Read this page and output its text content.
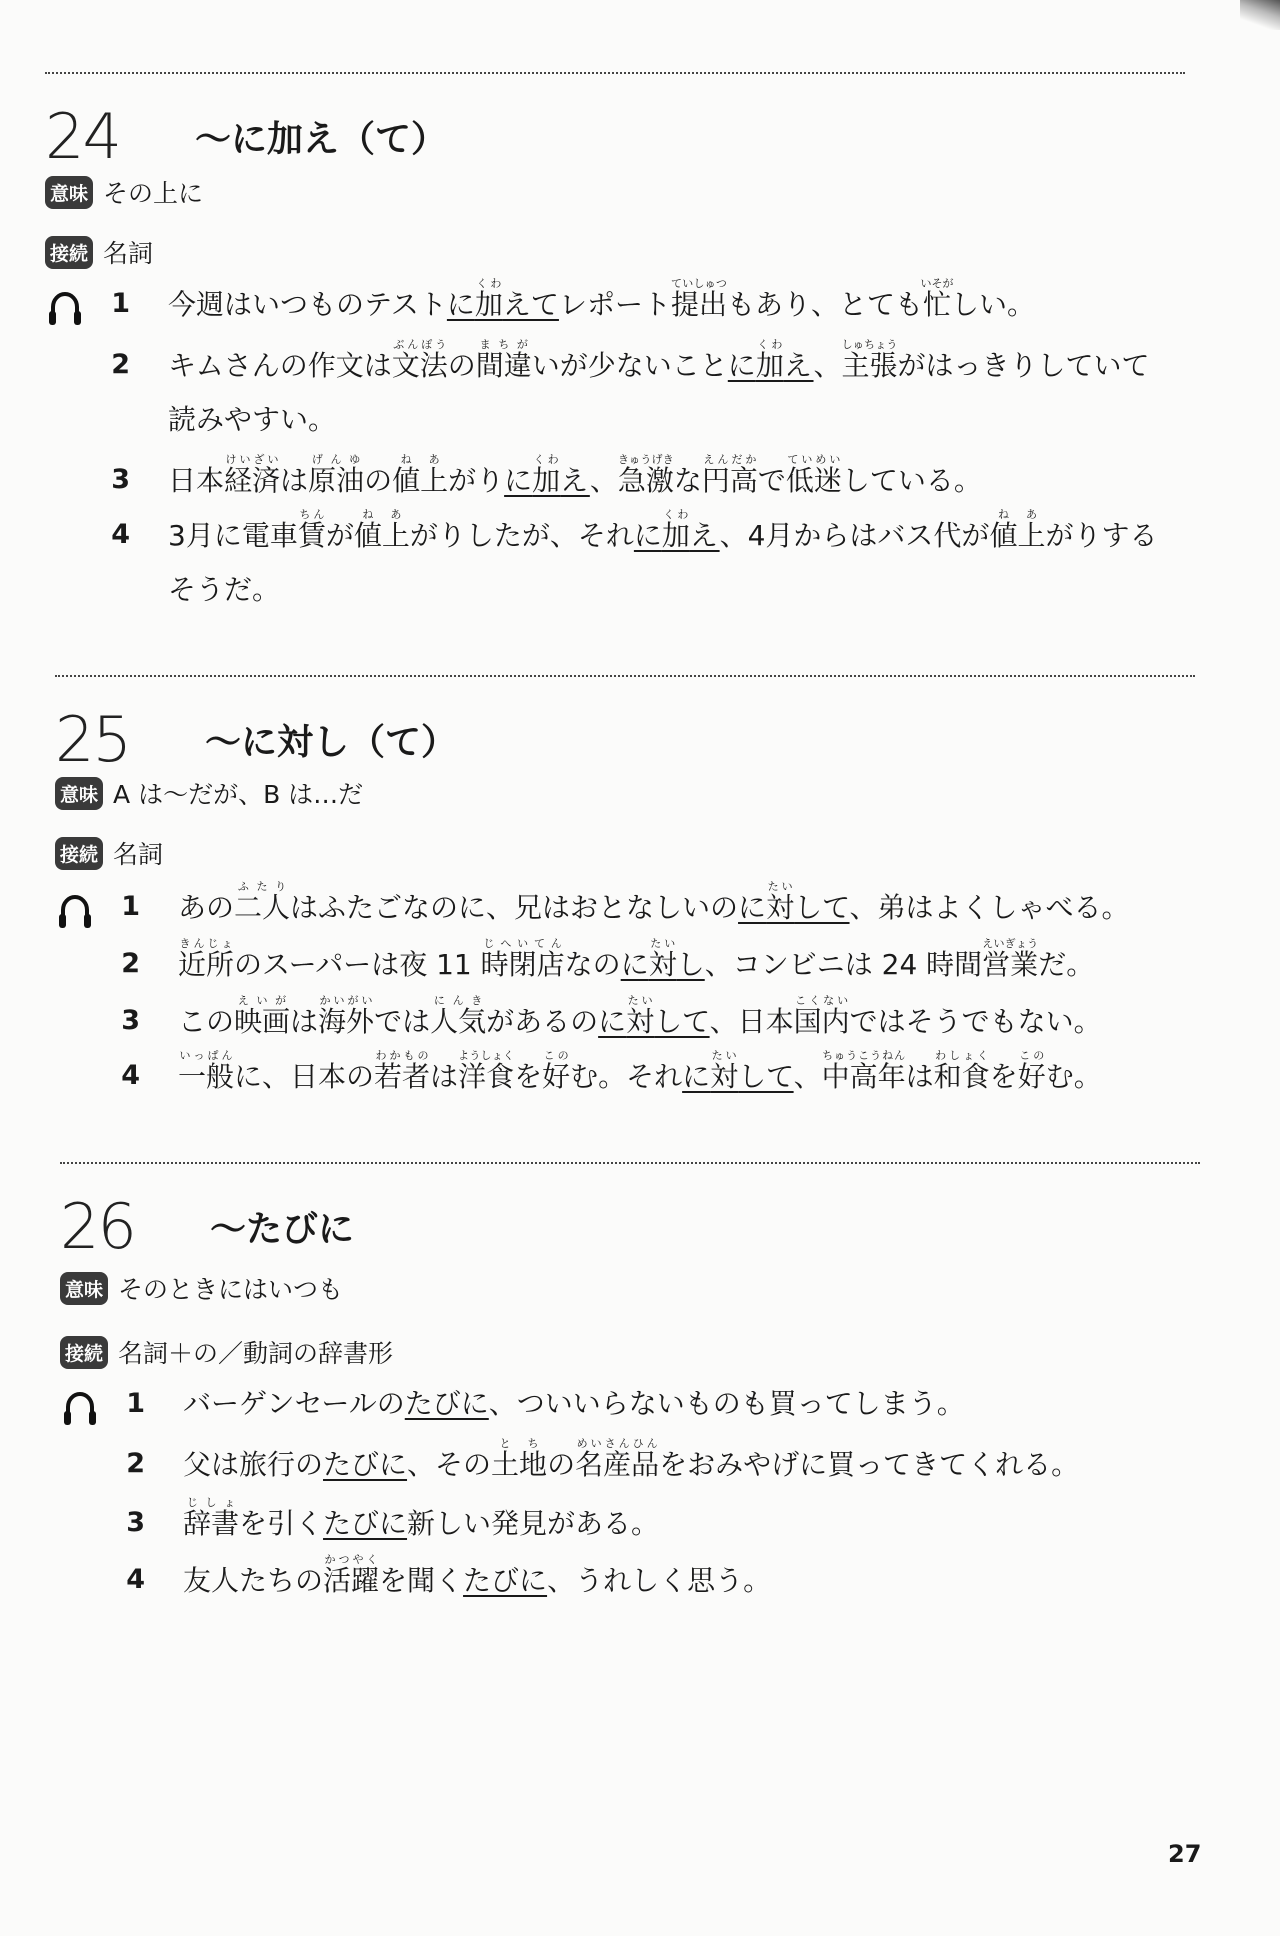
24	～に加え（て）
意味 その上に
接続 名詞
1	今週はいつものテストに加くわえてレポート提出ていしゅつもあり、とても忙いそがしい。
2	キムさんの作文は文法ぶんぽうの間違まちがいが少ないことに加くわえ、主張しゅちょうがはっきりしていて読みやすい。
3	日本経済けいざいは原油げんゆの値上ねあがりに加くわえ、急激きゅうげきな円高えんだかで低迷ていめいしている。
4	3月に電車賃ちんが値上ねあがりしたが、それに加くわえ、4月からはバス代が値上ねあがりするそうだ。
25	～に対し（て）
意味 A は～だが、B は…だ
接続 名詞
1	あの二人ふたりはふたごなのに、兄はおとなしいのに対たいして、弟はよくしゃべる。
2	近所きんじょのスーパーは夜 11 時閉店じへいてんなのに対たいし、コンビニは 24 時間営業えいぎょうだ。
3	この映画えいがは海外かいがいでは人気にんきがあるのに対たいして、日本国内こくないではそうでもない。
4	一般いっぱんに、日本の若者わかものは洋食ようしょくを好このむ。それに対たいして、中高年ちゅうこうねんは和食わしょくを好このむ。
26	～たびに
意味 そのときにはいつも
接続 名詞＋の／動詞の辞書形
1	バーゲンセールのたびに、ついいらないものも買ってしまう。
2	父は旅行のたびに、その土地とちの名産品めいさんひんをおみやげに買ってきてくれる。
3	辞書じしょを引くたびに新しい発見がある。
4	友人たちの活躍かつやくを聞くたびに、うれしく思う。
27
